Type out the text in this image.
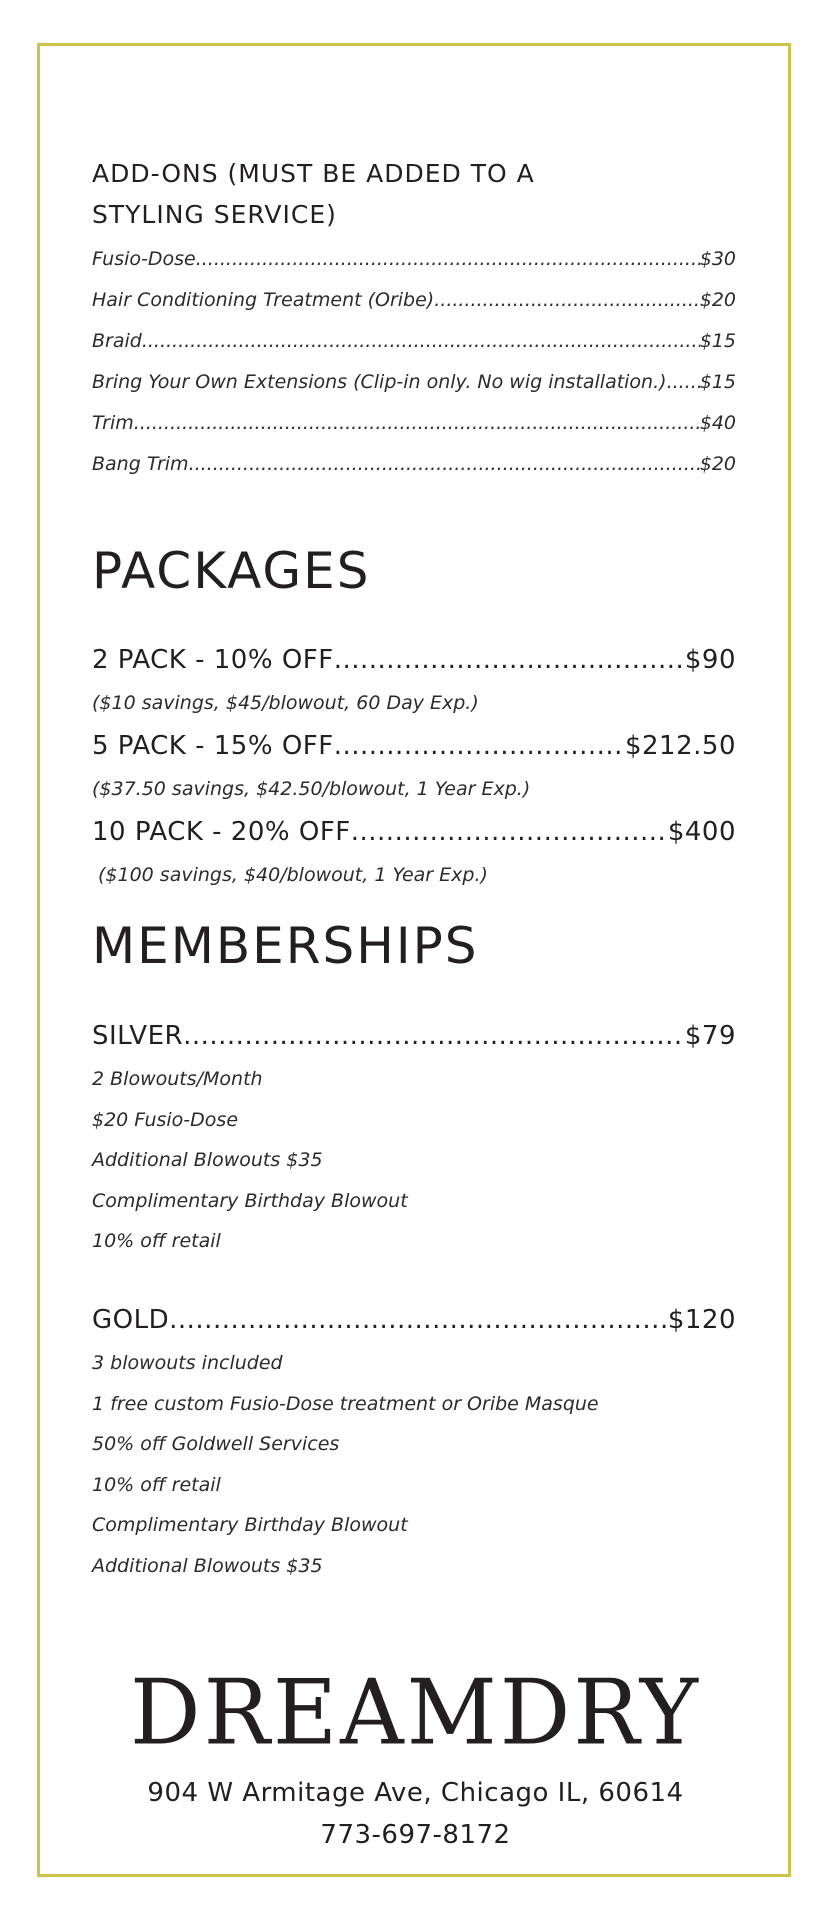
ADD-ONS (MUST BE ADDED TO A
STYLING SERVICE)
Fusio-Dose .....	$30
Hair Conditioning Treatment (Oribe) .....	$20
Braid .....	$15
Bring Your Own Extensions (Clip-in only. No wig installation.) ..... $15
Trim .....	$40
Bang Trim .....	$20
PACKAGES
2 PACK - 10% OFF .....	$90
($10 savings, $45/blowout, 60 Day Exp.)
5 PACK - 15% OFF .....	$212.50
($37.50 savings, $42.50/blowout, 1 Year Exp.)
10 PACK - 20% OFF .....	$400
($100 savings, $40/blowout, 1 Year Exp.)
MEMBERSHIPS
SILVER .....	$79
2 Blowouts/Month
$20 Fusio-Dose
Additional Blowouts $35
Complimentary Birthday Blowout
10% off retail
GOLD .....	$120
3 blowouts included
1 free custom Fusio-Dose treatment or Oribe Masque
50% off Goldwell Services
10% off retail
Complimentary Birthday Blowout
Additional Blowouts $35
DREAMDRY
904 W Armitage Ave, Chicago IL, 60614
773-697-8172
